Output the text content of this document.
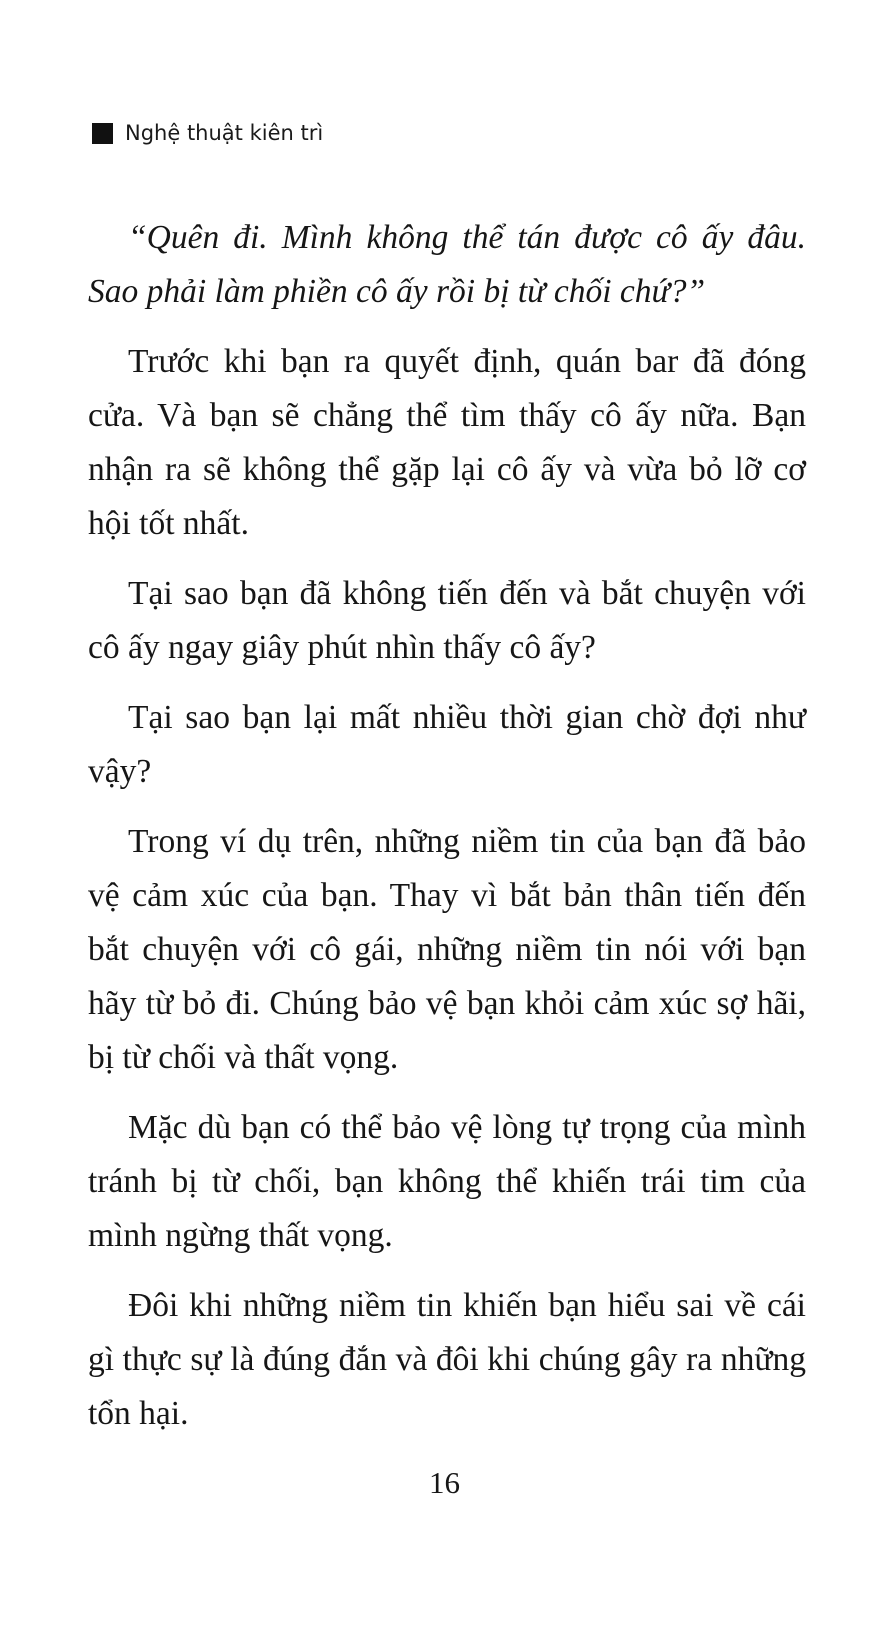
Nghệ thuật kiên trì

“Quên đi. Mình không thể tán được cô ấy đâu. Sao phải làm phiền cô ấy rồi bị từ chối chứ?”

Trước khi bạn ra quyết định, quán bar đã đóng cửa. Và bạn sẽ chẳng thể tìm thấy cô ấy nữa. Bạn nhận ra sẽ không thể gặp lại cô ấy và vừa bỏ lỡ cơ hội tốt nhất.

Tại sao bạn đã không tiến đến và bắt chuyện với cô ấy ngay giây phút nhìn thấy cô ấy?

Tại sao bạn lại mất nhiều thời gian chờ đợi như vậy?

Trong ví dụ trên, những niềm tin của bạn đã bảo vệ cảm xúc của bạn. Thay vì bắt bản thân tiến đến bắt chuyện với cô gái, những niềm tin nói với bạn hãy từ bỏ đi. Chúng bảo vệ bạn khỏi cảm xúc sợ hãi, bị từ chối và thất vọng.

Mặc dù bạn có thể bảo vệ lòng tự trọng của mình tránh bị từ chối, bạn không thể khiến trái tim của mình ngừng thất vọng.

Đôi khi những niềm tin khiến bạn hiểu sai về cái gì thực sự là đúng đắn và đôi khi chúng gây ra những tổn hại.

16
